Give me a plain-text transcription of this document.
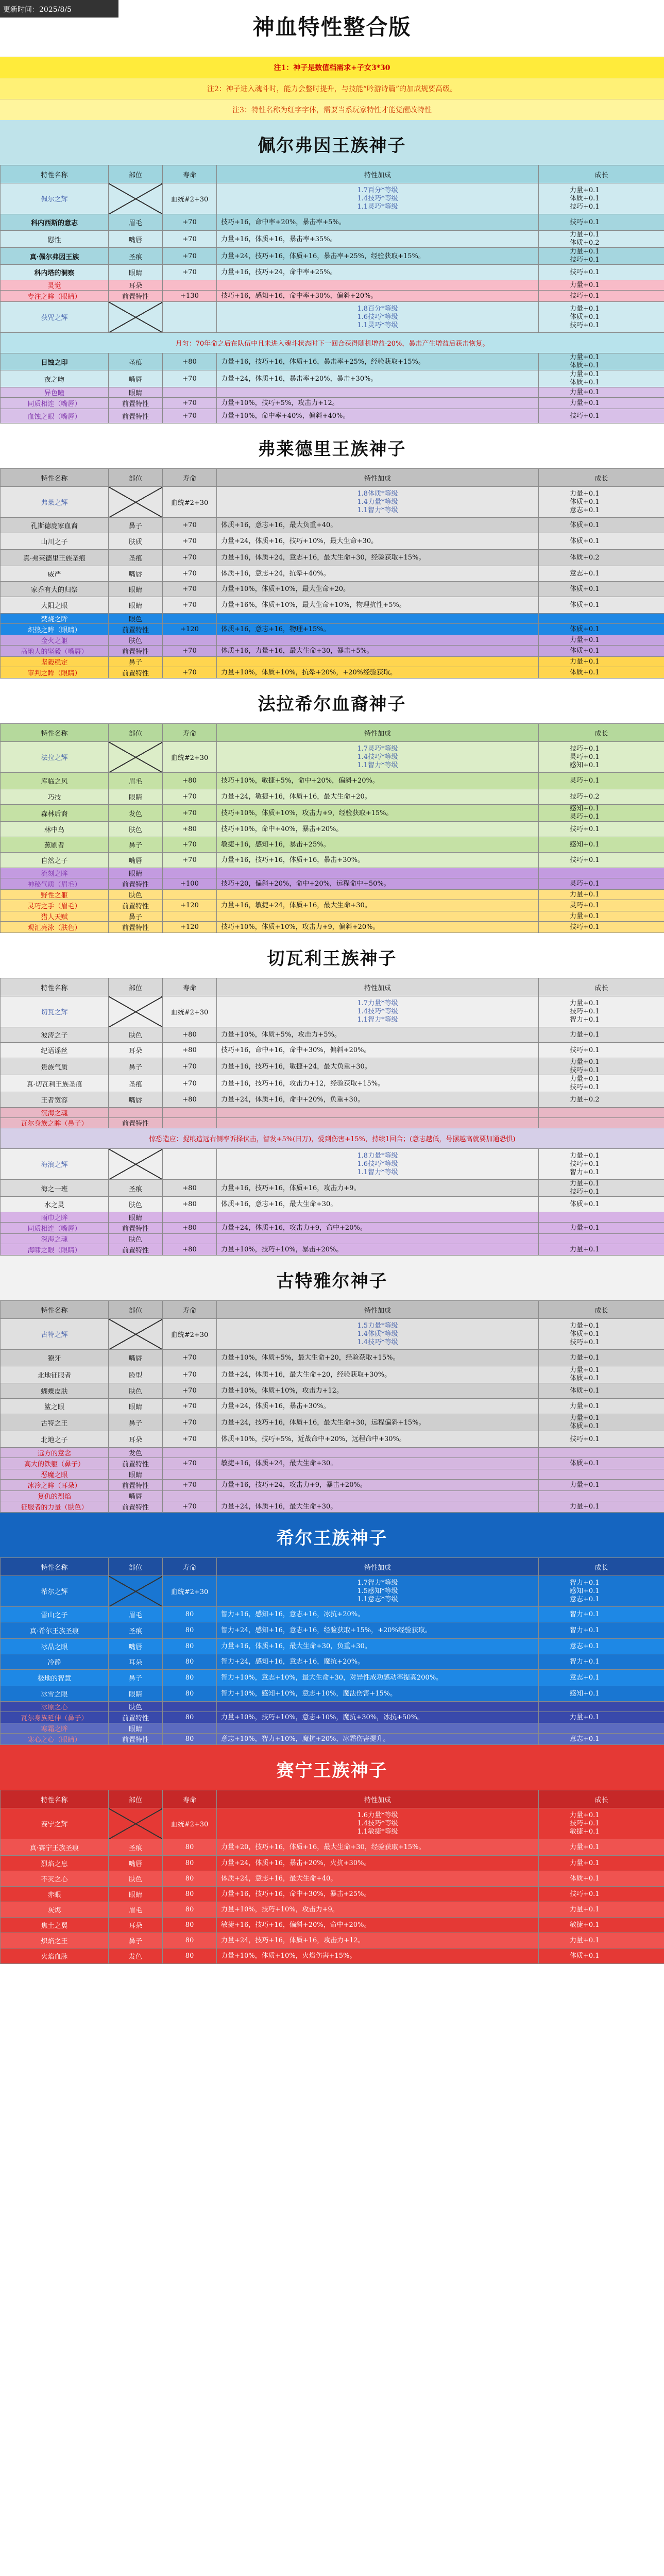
更新时间：2025/8/5
神血特性整合版
注1：神子是数值档需求+子女3*30
注2：神子进入魂斗时，能力会整时提升，与技能“吟游诗篇”的加成规要高级。
注3：特性名称为红字字体，需要当系玩家特性才能觉醒改特性
佩尔弗因王族神子
特性名称	部位	寿命	特性加成	成长
佩尔之辉		血统#2+30	1.7百分*等级
1.4技巧*等级
1.1灵巧*等级	力量+0.1
体质+0.1
技巧+0.1
科内西斯的意志	眉毛	+70	技巧+16，命中率+20%，暴击率+5%。	技巧+0.1
慰性	嘴唇	+70	力量+16，体质+16，暴击率+35%。	力量+0.1
体质+0.2
真·佩尔弗因王族	圣痕	+70	力量+24，技巧+16，体质+16，暴击率+25%，经验获取+15%。	力量+0.1
技巧+0.1
科内塔的洞察	眼睛	+70	力量+16，技巧+24，命中率+25%。	技巧+0.1
灵觉	耳朵			力量+0.1
专注之眸（眼睛）	前置特性	+130	技巧+16，感知+16，命中率+30%，偏斜+20%。	技巧+0.1
获咒之辉			1.8百分*等级
1.6技巧*等级
1.1灵巧*等级	力量+0.1
体质+0.1
技巧+0.1
月匀：70年命之后在队伍中且未进入魂斗状态时下一回合获得随机增益-20%，暴击产生增益后获击恢复。				
日蚀之印	圣痕	+80	力量+16，技巧+16，体质+16，暴击率+25%，经验获取+15%。	力量+0.1
体质+0.1
夜之吻	嘴唇	+70	力量+24，体质+16，暴击率+20%，暴击+30%。	力量+0.1
体质+0.1
异色瞳	眼睛			力量+0.1
同质相连（嘴唇）	前置特性	+70	力量+10%，技巧+5%，攻击力+12。	力量+0.1
血蚀之眼（嘴唇）	前置特性	+70	力量+10%，命中率+40%，偏斜+40%。	技巧+0.1
弗莱德里王族神子
特性名称	部位	寿命	特性加成	成长
弗莱之辉		血统#2+30	1.8体质*等级
1.4力量*等级
1.1智力*等级	力量+0.1
体质+0.1
意志+0.1
孔斯德庞家血裔	鼻子	+70	体质+16，意志+16，最大负重+40。	体质+0.1
山川之子	肤质	+70	力量+24，体质+16，技巧+10%，最大生命+30。	体质+0.1
真·弗莱德里王族圣痕	圣痕	+70	力量+16，体质+24，意志+16，最大生命+30，经验获取+15%。	体质+0.2
威严	嘴唇	+70	体质+16，意志+24，抗晕+40%。	意志+0.1
家乔有大的归祭	眼睛	+70	力量+10%，体质+10%，最大生命+20。	体质+0.1
大阳之眼	眼睛	+70	力量+16%，体质+10%，最大生命+10%，物理抗性+5%。	体质+0.1
焚烧之眸	眼色			
炽热之眸（眼睛）	前置特性	+120	体质+16，意志+16，物理+15%。	体质+0.1
金火之躯	肤色			力量+0.1
高地人的坚毅（嘴唇）	前置特性	+70	体质+16，力量+16，最大生命+30，暴击+5%。	体质+0.1
坚毅稳定	鼻子			力量+0.1
审判之眸（眼睛）	前置特性	+70	力量+10%，体质+10%，抗晕+20%，+20%经验获取。	体质+0.1
法拉希尔血裔神子
特性名称	部位	寿命	特性加成	成长
法拉之辉		血统#2+30	1.7灵巧*等级
1.4技巧*等级
1.1智力*等级	技巧+0.1
灵巧+0.1
感知+0.1
库临之风	眉毛	+80	技巧+10%，敏捷+5%，命中+20%，偏斜+20%。	灵巧+0.1
巧技	眼睛	+70	力量+24，敏捷+16，体质+16，最大生命+20。	技巧+0.2
森林后裔	发色	+70	技巧+10%，体质+10%，攻击力+9，经验获取+15%。	感知+0.1
灵巧+0.1
林中鸟	肤色	+80	技巧+10%，命中+40%，暴击+20%。	技巧+0.1
蕉刷者	鼻子	+70	敏捷+16，感知+16，暴击+25%。	感知+0.1
自然之子	嘴唇	+70	力量+16，技巧+16，体质+16，暴击+30%。	技巧+0.1
流刻之眸	眼睛			
神秘气质（眉毛）	前置特性	+100	技巧+20，偏斜+20%，命中+20%，远程命中+50%。	灵巧+0.1
野性之躯	肤色			力量+0.1
灵巧之手（眉毛）	前置特性	+120	力量+16，敏捷+24，体质+16，最大生命+30。	灵巧+0.1
猎人天赋	鼻子			力量+0.1
观汇亮泳（肤色）	前置特性	+120	技巧+10%，体质+10%，攻击力+9，偏斜+20%。	技巧+0.1
切瓦利王族神子
特性名称	部位	寿命	特性加成	成长
切瓦之辉		血统#2+30	1.7力量*等级
1.4技巧*等级
1.1智力*等级	力量+0.1
技巧+0.1
智力+0.1
波涛之子	肤色	+80	力量+10%，体质+5%，攻击力+5%。	力量+0.1
纪语谣丝	耳朵	+80	技巧+16，命中+16，命中+30%，偏斜+20%。	技巧+0.1
贵族气质	鼻子	+70	力量+16，技巧+16，敏捷+24，最大负重+30。	力量+0.1
技巧+0.1
真·切瓦利王族圣痕	圣痕	+70	力量+16，技巧+16，攻击力+12，经验获取+15%。	力量+0.1
技巧+0.1
王者宽容	嘴唇	+80	力量+24，体质+16，命中+20%，负重+30。	力量+0.2
沉海之魂				
瓦尔身族之眸（鼻子）	前置特性			
惊恐造应：捉粮造远右侧率诉择伏击，智发+5%(日万)，爱到伤害+15%，持续1回合；(意志越低，号摆越高就要加通恐惧)				
海浪之辉			1.8力量*等级
1.6技巧*等级
1.1智力*等级	力量+0.1
技巧+0.1
智力+0.1
海之一班	圣痕	+80	力量+16，技巧+16，体质+16，攻击力+9。	力量+0.1
技巧+0.1
水之灵	肤色	+80	体质+16，意志+16，最大生命+30。	体质+0.1
雨巾之眸	眼睛			
同质相连（嘴唇）	前置特性	+80	力量+24，体质+16，攻击力+9，命中+20%。	力量+0.1
深海之魂	肤色			
海啸之眼（眼睛）	前置特性	+80	力量+10%，技巧+10%，暴击+20%。	力量+0.1
古特雅尔神子
特性名称	部位	寿命	特性加成	成长
古特之辉		血统#2+30	1.5力量*等级
1.4体质*等级
1.4技巧*等级	力量+0.1
体质+0.1
技巧+0.1
獠牙	嘴唇	+70	力量+10%，体质+5%，最大生命+20，经验获取+15%。	力量+0.1
北地征服者	脸型	+70	力量+24，体质+16，最大生命+20，经验获取+30%。	力量+0.1
体质+0.1
蝴蝶皮肤	肤色	+70	力量+10%，体质+10%，攻击力+12。	体质+0.1
鲨之眼	眼睛	+70	力量+24，体质+16，暴击+30%。	力量+0.1
古特之王	鼻子	+70	力量+24，技巧+16，体质+16，最大生命+30，远程偏斜+15%。	力量+0.1
体质+0.1
北地之子	耳朵	+70	体质+10%，技巧+5%，近战命中+20%，远程命中+30%。	技巧+0.1
远方的意念	发色			
高大的铁躯（鼻子）	前置特性	+70	敏捷+16，体质+24，最大生命+30。	体质+0.1
恶魔之眼	眼睛			
冰冷之眸（耳朵）	前置特性	+70	力量+16，技巧+24，攻击力+9，暴击+20%。	力量+0.1
复仇的烈焰	嘴唇			
征服者的力量（肤色）	前置特性	+70	力量+24，体质+16，最大生命+30。	力量+0.1
希尔王族神子
特性名称	部位	寿命	特性加成	成长
希尔之辉		血统#2+30	1.7智力*等级
1.5感知*等级
1.1意志*等级	智力+0.1
感知+0.1
意志+0.1
雪山之子	眉毛	80	智力+16，感知+16，意志+16，冰抗+20%。	智力+0.1
真·希尔王族圣痕	圣痕	80	智力+24，感知+16，意志+16，经验获取+15%，+20%经验获取。	智力+0.1
冰晶之眼	嘴唇	80	力量+16，体质+16，最大生命+30，负重+30。	意志+0.1
冷静	耳朵	80	智力+24，感知+16，意志+16，魔抗+20%。	智力+0.1
极地的智慧	鼻子	80	智力+10%，意志+10%，最大生命+30，对异性成功感动率提高200%。	意志+0.1
冰雪之眼	眼睛	80	智力+10%，感知+10%，意志+10%，魔法伤害+15%。	感知+0.1
冰原之心	肤色			
瓦尔身族延伸（鼻子）	前置特性	80	力量+10%，技巧+10%，意志+10%，魔抗+30%，冰抗+50%。	力量+0.1
寒霜之眸	眼睛			
寒心之心（眼睛）	前置特性	80	意志+10%，智力+10%，魔抗+20%，冰霜伤害提升。	意志+0.1
赛宁王族神子
特性名称	部位	寿命	特性加成	成长
赛宁之辉		血统#2+30	1.6力量*等级
1.4技巧*等级
1.1敏捷*等级	力量+0.1
技巧+0.1
敏捷+0.1
真·赛宁王族圣痕	圣痕	80	力量+20，技巧+16，体质+16，最大生命+30，经验获取+15%。	力量+0.1
烈焰之息	嘴唇	80	力量+24，体质+16，暴击+20%，火抗+30%。	力量+0.1
不灭之心	肤色	80	体质+24，意志+16，最大生命+40。	体质+0.1
赤眼	眼睛	80	力量+16，技巧+16，命中+30%，暴击+25%。	技巧+0.1
灰烬	眉毛	80	力量+10%，技巧+10%，攻击力+9。	力量+0.1
焦土之翼	耳朵	80	敏捷+16，技巧+16，偏斜+20%，命中+20%。	敏捷+0.1
炽焰之王	鼻子	80	力量+24，技巧+16，体质+16，攻击力+12。	力量+0.1
火焰血脉	发色	80	力量+10%，体质+10%，火焰伤害+15%。	体质+0.1
